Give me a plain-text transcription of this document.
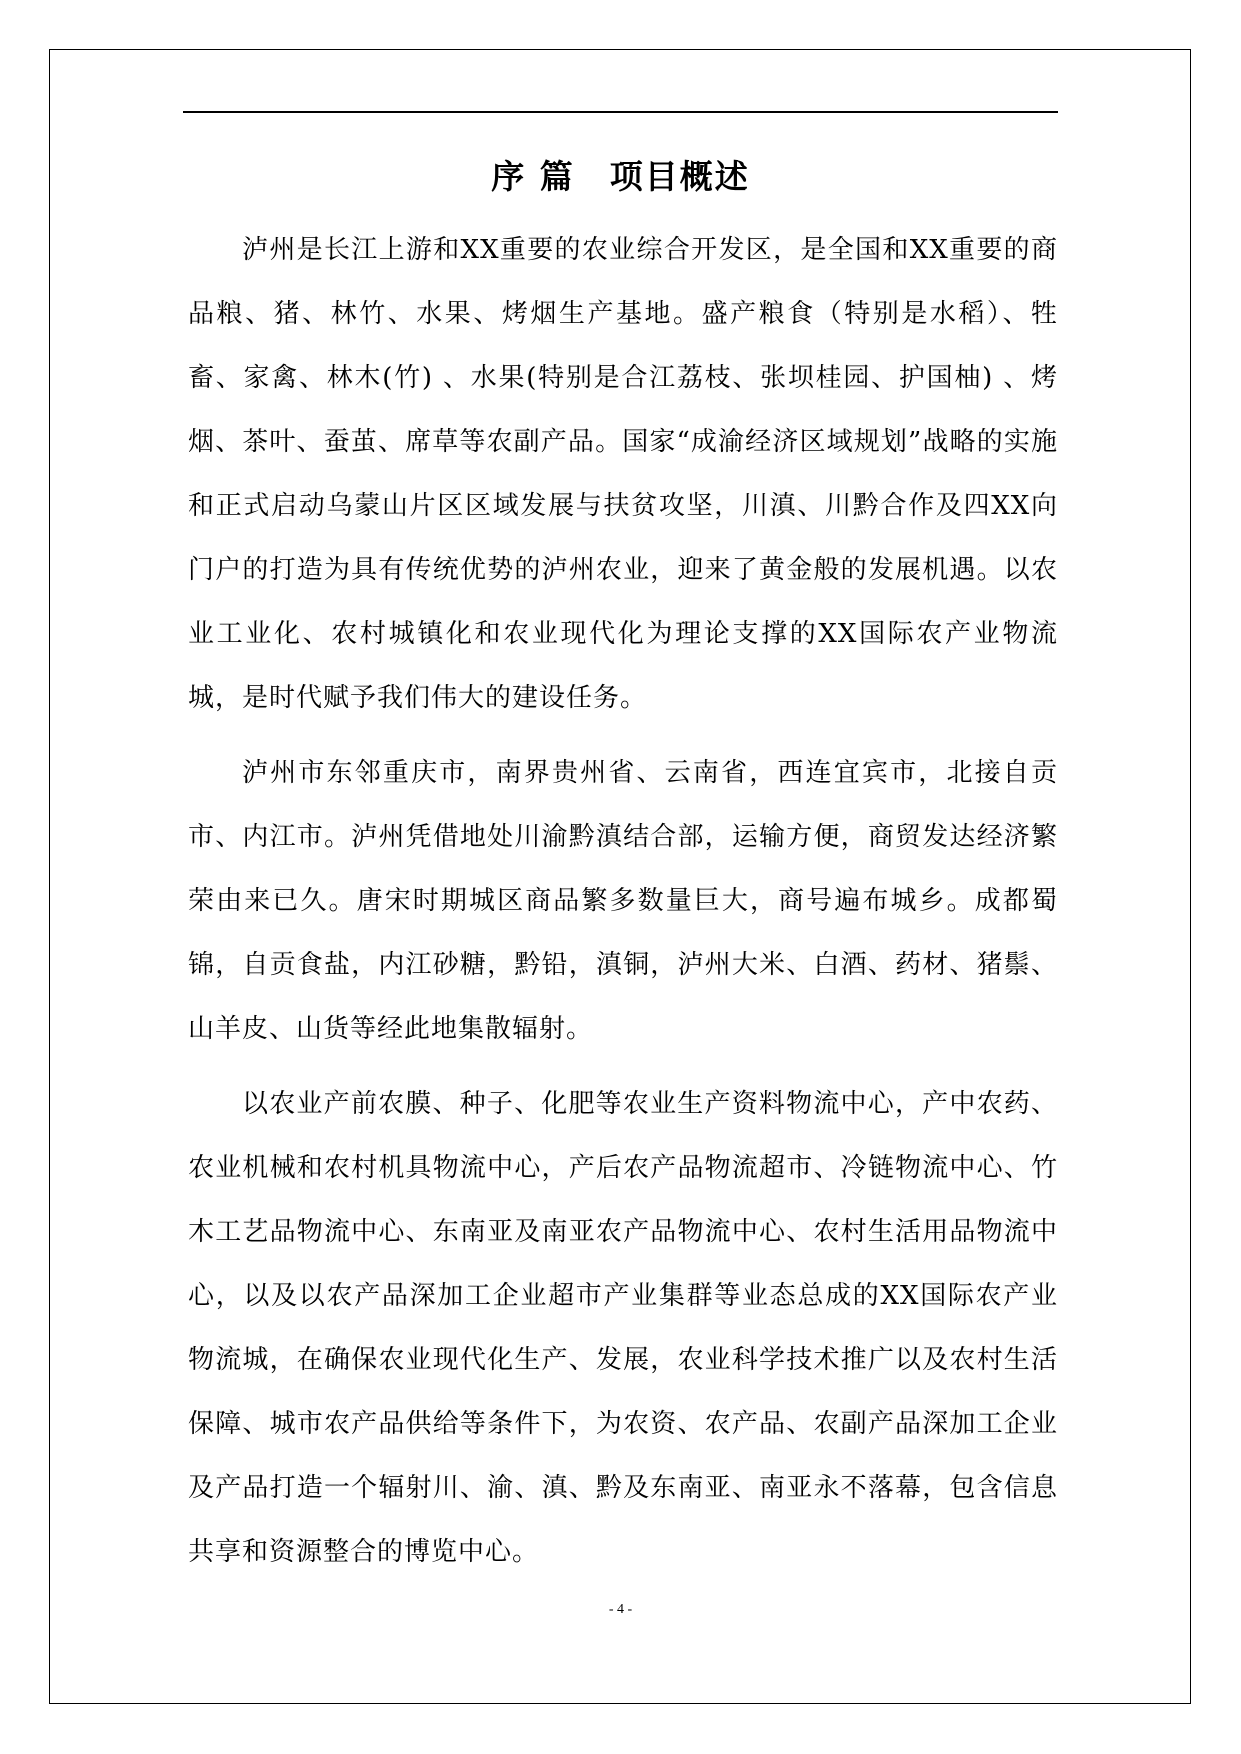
序 篇　项目概述

泸州是长江上游和XX重要的农业综合开发区，是全国和XX重要的商品粮、猪、林竹、水果、烤烟生产基地。盛产粮食（特别是水稻）、牲畜、家禽、林木(竹) 、水果(特别是合江荔枝、张坝桂园、护国柚) 、烤烟、茶叶、蚕茧、席草等农副产品。国家“成渝经济区域规划”战略的实施和正式启动乌蒙山片区区域发展与扶贫攻坚，川滇、川黔合作及四XX向门户的打造为具有传统优势的泸州农业，迎来了黄金般的发展机遇。以农业工业化、农村城镇化和农业现代化为理论支撑的XX国际农产业物流城，是时代赋予我们伟大的建设任务。

泸州市东邻重庆市，南界贵州省、云南省，西连宜宾市，北接自贡市、内江市。泸州凭借地处川渝黔滇结合部，运输方便，商贸发达经济繁荣由来已久。唐宋时期城区商品繁多数量巨大，商号遍布城乡。成都蜀锦，自贡食盐，内江砂糖，黔铅，滇铜，泸州大米、白酒、药材、猪鬃、山羊皮、山货等经此地集散辐射。

以农业产前农膜、种子、化肥等农业生产资料物流中心，产中农药、农业机械和农村机具物流中心，产后农产品物流超市、冷链物流中心、竹木工艺品物流中心、东南亚及南亚农产品物流中心、农村生活用品物流中心，以及以农产品深加工企业超市产业集群等业态总成的XX国际农产业物流城，在确保农业现代化生产、发展，农业科学技术推广以及农村生活保障、城市农产品供给等条件下，为农资、农产品、农副产品深加工企业及产品打造一个辐射川、渝、滇、黔及东南亚、南亚永不落幕，包含信息共享和资源整合的博览中心。

- 4 -
